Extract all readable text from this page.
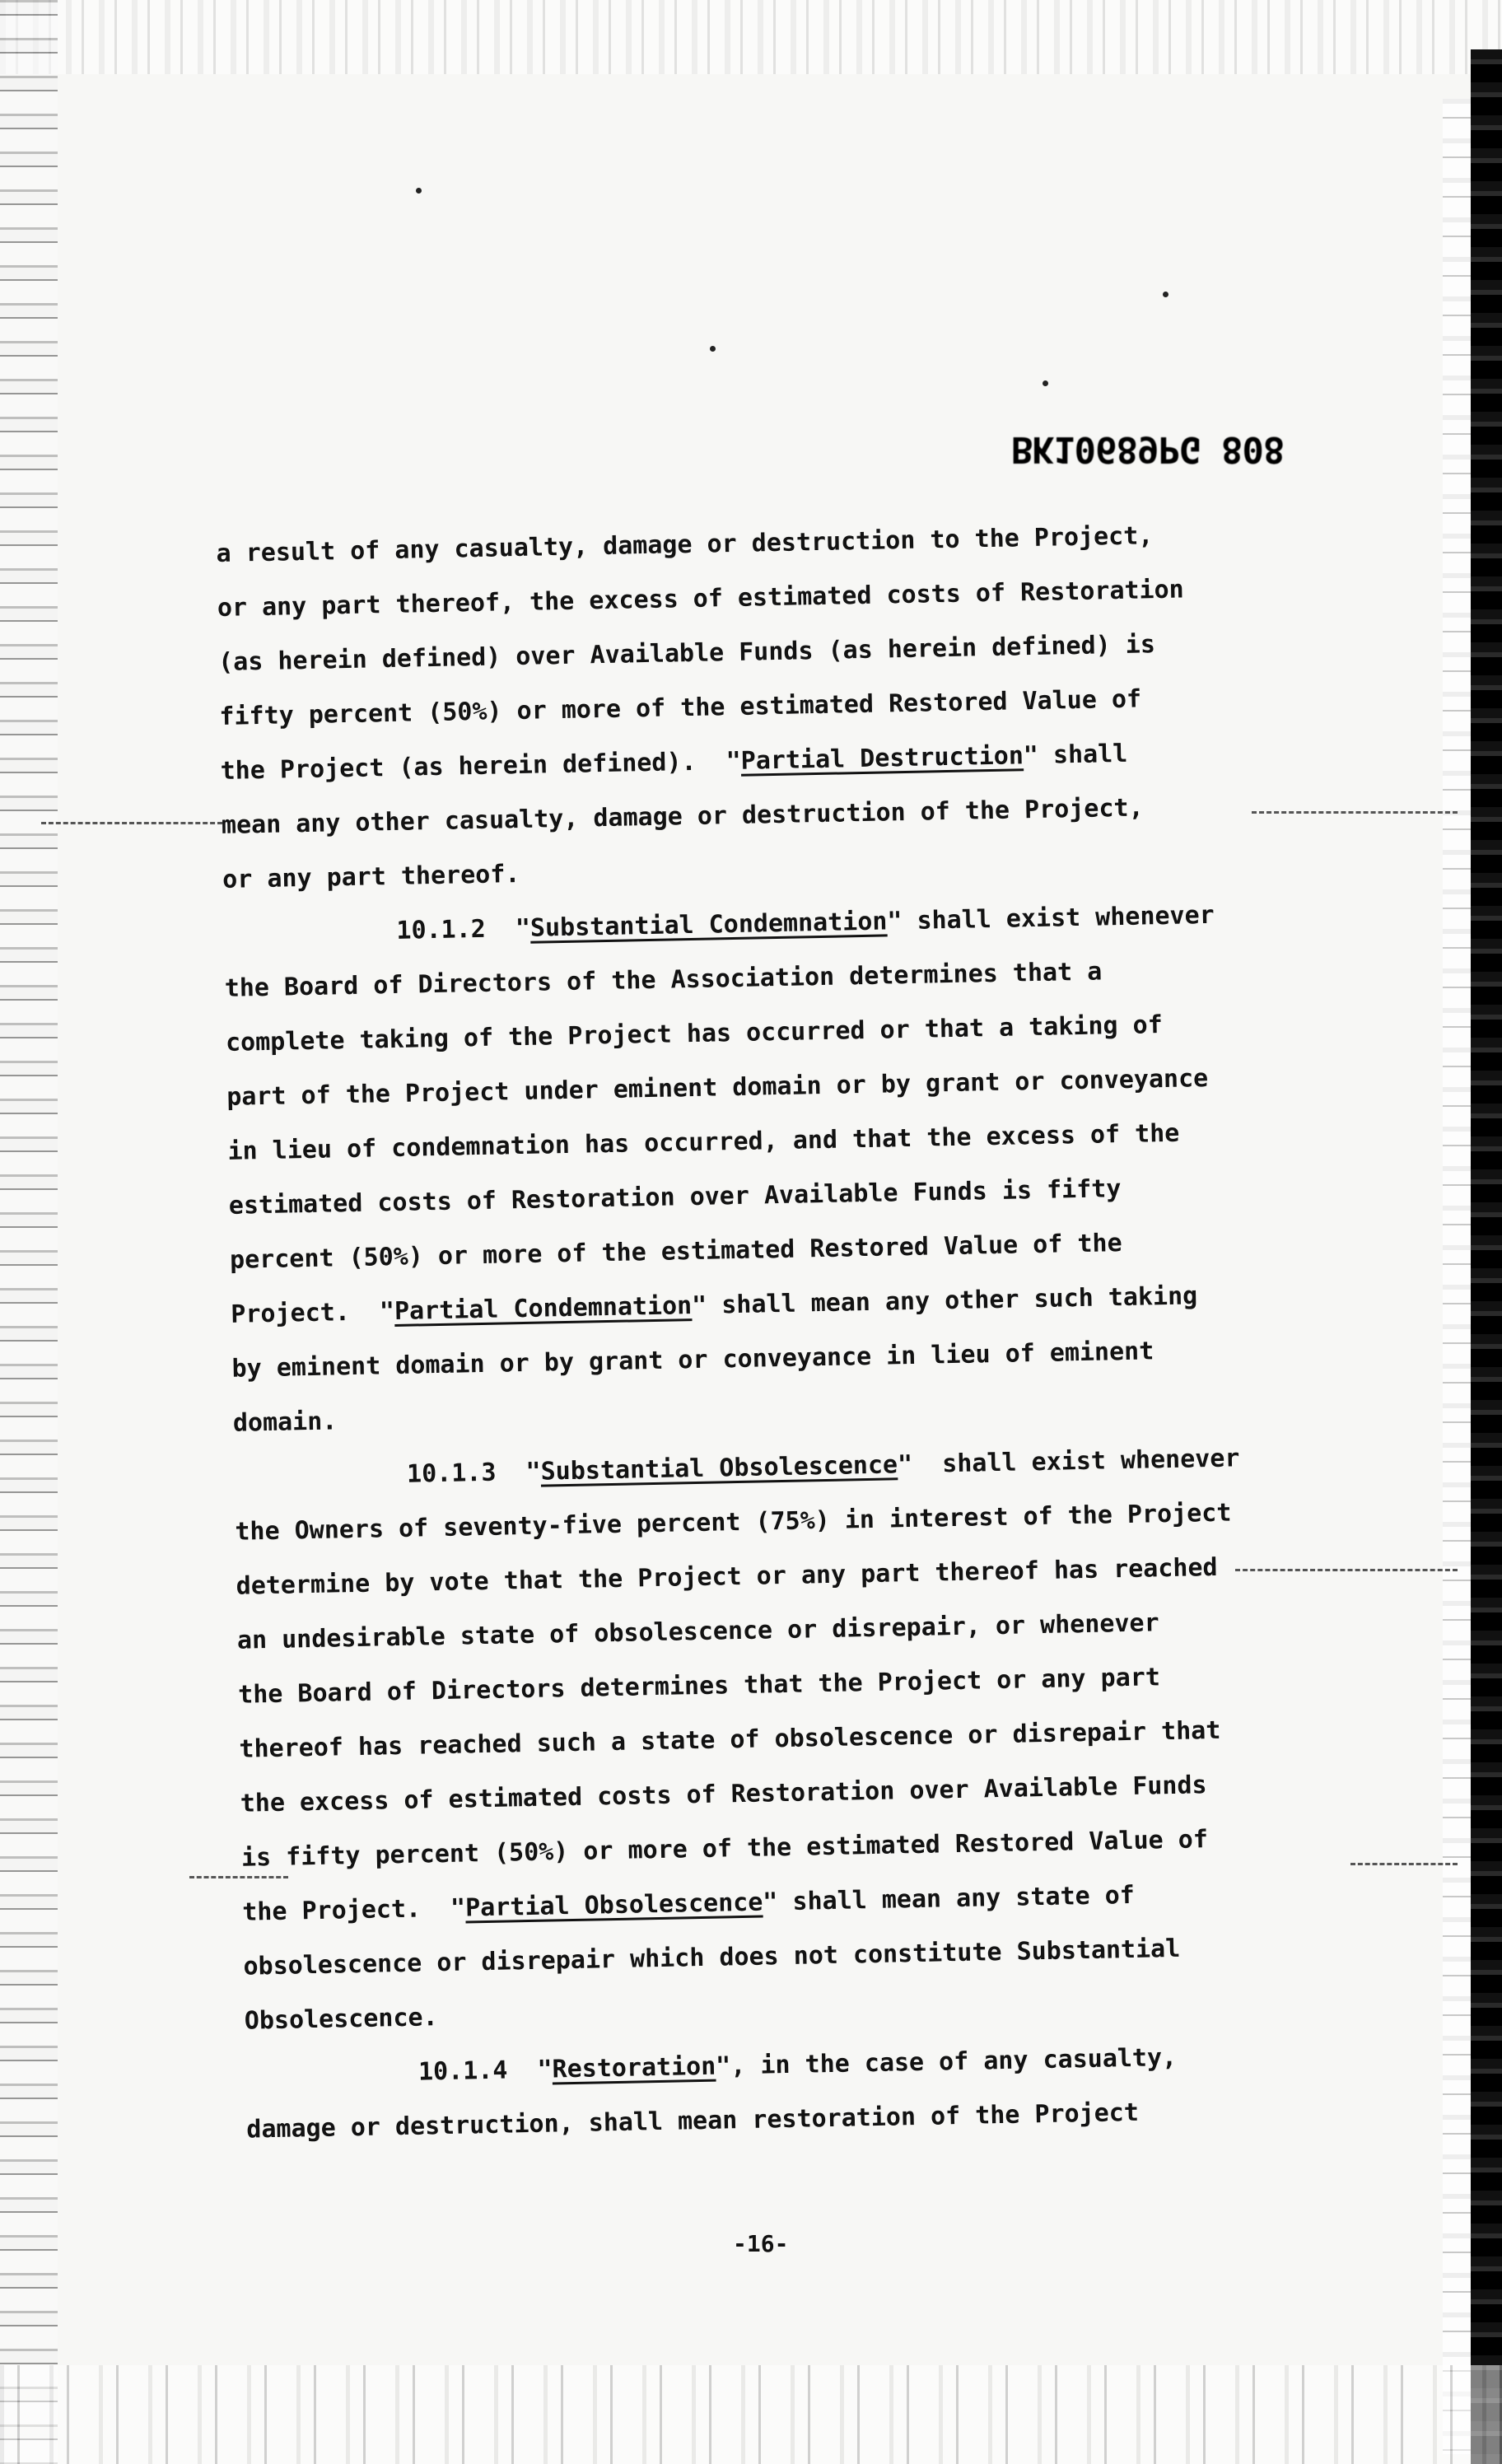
BK10689PG 808
a result of any casualty, damage or destruction to the Project,
or any part thereof, the excess of estimated costs of Restoration
(as herein defined) over Available Funds (as herein defined) is
fifty percent (50%) or more of the estimated Restored Value of
the Project (as herein defined).  "Partial Destruction" shall
mean any other casualty, damage or destruction of the Project,
or any part thereof.
10.1.2  "Substantial Condemnation" shall exist whenever
the Board of Directors of the Association determines that a
complete taking of the Project has occurred or that a taking of
part of the Project under eminent domain or by grant or conveyance
in lieu of condemnation has occurred, and that the excess of the
estimated costs of Restoration over Available Funds is fifty
percent (50%) or more of the estimated Restored Value of the
Project.  "Partial Condemnation" shall mean any other such taking
by eminent domain or by grant or conveyance in lieu of eminent
domain.
10.1.3  "Substantial Obsolescence"  shall exist whenever
the Owners of seventy-five percent (75%) in interest of the Project
determine by vote that the Project or any part thereof has reached
an undesirable state of obsolescence or disrepair, or whenever
the Board of Directors determines that the Project or any part
thereof has reached such a state of obsolescence or disrepair that
the excess of estimated costs of Restoration over Available Funds
is fifty percent (50%) or more of the estimated Restored Value of
the Project.  "Partial Obsolescence" shall mean any state of
obsolescence or disrepair which does not constitute Substantial
Obsolescence.
10.1.4  "Restoration", in the case of any casualty,
damage or destruction, shall mean restoration of the Project
-16-
